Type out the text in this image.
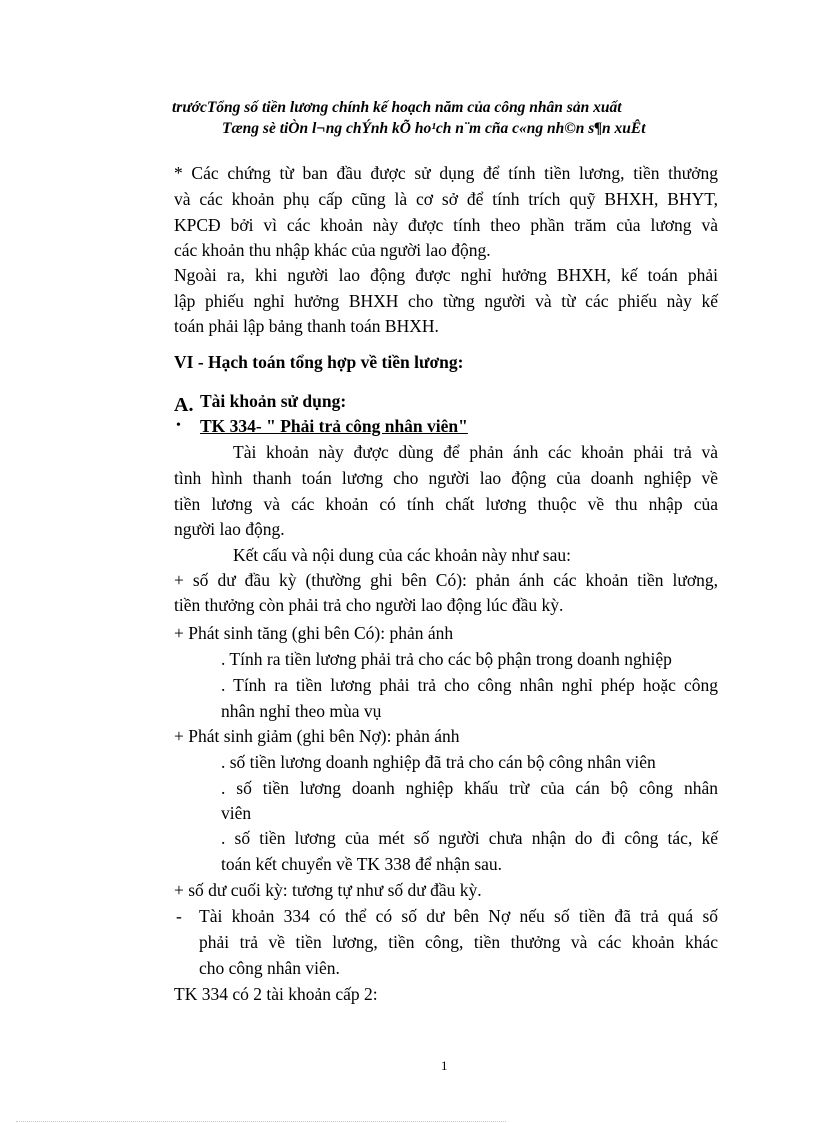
trướcTổng số tiền lương chính kế hoạch năm của công nhân sản xuất
Tæng sè tiÒn l¬ng chÝnh kÕ ho¹ch n¨m cña c«ng nh©n s¶n xuÊt
* Các chứng từ ban đầu được sử dụng để tính tiền lương, tiền thưởng
và các khoản phụ cấp cũng là cơ sở để tính trích quỹ BHXH, BHYT,
KPCĐ bởi vì các khoản này được tính theo phần trăm của lương và
các khoản thu nhập khác của người lao động.
Ngoài ra, khi người lao động được nghỉ hưởng BHXH, kế toán phải
lập phiếu nghỉ hưởng BHXH cho từng người và từ các phiếu này kế
toán phải lập bảng thanh toán BHXH.
VI - Hạch toán tổng hợp về tiền lương:
A. Tài khoản sử dụng:
• TK 334- " Phải trả công nhân viên"
Tài khoản này được dùng để phản ánh các khoản phải trả và
tình hình thanh toán lương cho người lao động của doanh nghiệp về
tiền lương và các khoản có tính chất lương thuộc về thu nhập của
người lao động.
Kết cấu và nội dung của các khoản này như sau:
+ số dư đầu kỳ (thường ghi bên Có): phản ánh các khoản tiền lương,
tiền thưởng còn phải trả cho người lao động lúc đầu kỳ.
+ Phát sinh tăng (ghi bên Có): phản ánh
. Tính ra tiền lương phải trả cho các bộ phận trong doanh nghiệp
. Tính ra tiền lương phải trả cho công nhân nghỉ phép hoặc công
nhân nghỉ theo mùa vụ
+ Phát sinh giảm (ghi bên Nợ): phản ánh
. số tiền lương doanh nghiệp đã trả cho cán bộ công nhân viên
. số tiền lương doanh nghiệp khấu trừ của cán bộ công nhân
viên
. số tiền lương của mét số người chưa nhận do đi công tác, kế
toán kết chuyển về TK 338 để nhận sau.
+ số dư cuối kỳ: tương tự như số dư đầu kỳ.
- Tài khoản 334 có thể có số dư bên Nợ nếu số tiền đã trả quá số
phải trả về tiền lương, tiền công, tiền thưởng và các khoản khác
cho công nhân viên.
TK 334 có 2 tài khoản cấp 2:
1
